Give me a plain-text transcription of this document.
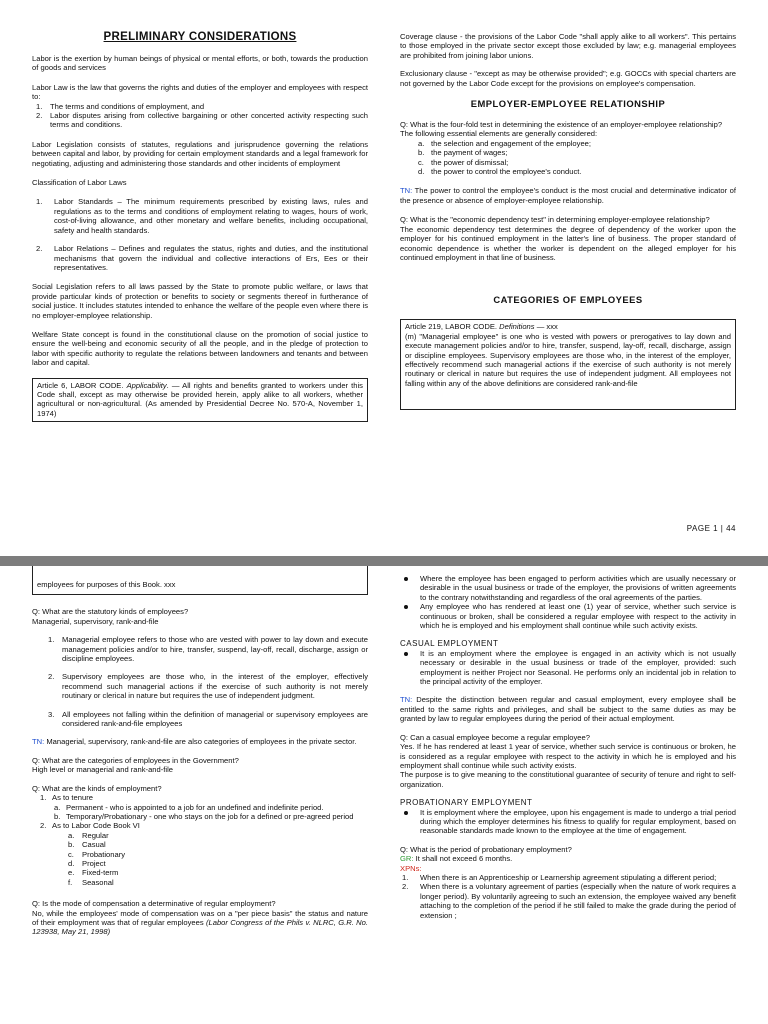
PRELIMINARY CONSIDERATIONS

Labor is the exertion by human beings of physical or mental efforts, or both, towards the production of goods and services

Labor Law is the law that governs the rights and duties of the employer and employees with respect to:

1.	The terms and conditions of employment, and
2.	Labor disputes arising from collective bargaining or other concerted activity respecting such terms and conditions.

Labor Legislation consists of statutes, regulations and jurisprudence governing the relations between capital and labor, by providing for certain employment standards and a legal framework for negotiating, adjusting and administering those standards and other incidents of employment

Classification of Labor Laws

1.	Labor Standards – The minimum requirements prescribed by existing laws, rules and regulations as to the terms and conditions of employment relating to wages, hours of work, cost-of-living allowance, and other monetary and welfare benefits, including occupational, safety and health standards.
2.	Labor Relations – Defines and regulates the status, rights and duties, and the institutional mechanisms that govern the individual and collective interactions of Ers, Ees or their representatives.

Social Legislation refers to all laws passed by the State to promote public welfare, or laws that provide particular kinds of protection or benefits to society or segments thereof in furtherance of social justice. It includes statutes intended to enhance the welfare of the people even where there is no employer-employee relationship.

Welfare State concept is found in the constitutional clause on the promotion of social justice to ensure the well-being and economic security of all the people, and in the pledge of protection to labor with specific authority to regulate the relations between landowners and tenants and between labor and capital.

Article 6, LABOR CODE. Applicability. — All rights and benefits granted to workers under this Code shall, except as may otherwise be provided herein, apply alike to all workers, whether agricultural or non-agricultural. (As amended by Presidential Decree No. 570-A, November 1, 1974)

Coverage clause - the provisions of the Labor Code "shall apply alike to all workers". This pertains to those employed in the private sector except those excluded by law; e.g. managerial employees are prohibited from joining labor unions.

Exclusionary clause - "except as may be otherwise provided"; e.g. GOCCs with special charters are not governed by the Labor Code except for the provisions on employee's compensation.

EMPLOYER-EMPLOYEE RELATIONSHIP

Q: What is the four-fold test in determining the existence of an employer-employee relationship?

The following essential elements are generally considered:

a. the selection and engagement of the employee;
b. the payment of wages;
c. the power of dismissal;
d. the power to control the employee's conduct.

TN: The power to control the employee's conduct is the most crucial and determinative indicator of the presence or absence of employer-employee relationship.

Q: What is the "economic dependency test" in determining employer-employee relationship?

The economic dependency test determines the degree of dependency of the worker upon the employer for his continued employment in the latter's line of business. The proper standard of economic dependence is whether the worker is dependent on the alleged employer for his continued employment in that line of business.

CATEGORIES OF EMPLOYEES

Article 219, LABOR CODE. Definitions — xxx
(m) "Managerial employee" is one who is vested with powers or prerogatives to lay down and execute management policies and/or to hire, transfer, suspend, lay-off, recall, discharge, assign or discipline employees. Supervisory employees are those who, in the interest of the employer, effectively recommend such managerial actions if the exercise of such authority is not merely routinary or clerical in nature but requires the use of independent judgment. All employees not falling within any of the above definitions are considered rank-and-file
PAGE 1 | 44
employees for purposes of this Book. xxx

Q: What are the statutory kinds of employees?

Managerial, supervisory, rank-and-file

1.	Managerial employee refers to those who are vested with power to lay down and execute management policies and/or to hire, transfer, suspend, lay-off, recall, discharge, assign or discipline employees.
2.	Supervisory employees are those who, in the interest of the employer, effectively recommend such managerial actions if the exercise of such authority is not merely routinary or clerical in nature but requires the use of independent judgment.
3.	All employees not falling within the definition of managerial or supervisory employees are considered rank-and-file employees

TN: Managerial, supervisory, rank-and-file are also categories of employees in the private sector.

Q: What are the categories of employees in the Government?

High level or managerial and rank-and-file

Q: What are the kinds of employment?

1. As to tenure
a. Permanent - who is appointed to a job for an undefined and indefinite period.
b. Temporary/Probationary - one who stays on the job for a defined or pre-agreed period
2. As to Labor Code Book VI
a.	Regular
b.	Casual
c.	Probationary
d.	Project
e.	Fixed-term
f.	Seasonal

Q: Is the mode of compensation a determinative of regular employment?

No, while the employees' mode of compensation was on a "per piece basis" the status and nature of their employment was that of regular employees (Labor Congress of the Phils v. NLRC, G.R. No. 123938, May 21, 1998)

Where the employee has been engaged to perform activities which are usually necessary or desirable in the usual business or trade of the employer, the provisions of written agreements to the contrary notwithstanding and regardless of the oral agreements of the parties.
Any employee who has rendered at least one (1) year of service, whether such service is continuous or broken, shall be considered a regular employee with respect to the activity in which he is employed and his employment shall continue while such activity exists.

CASUAL EMPLOYMENT

It is an employment where the employee is engaged in an activity which is not usually necessary or desirable in the usual business or trade of the employer, provided: such employment is neither Project nor Seasonal. He performs only an incidental job in relation to the principal activity of the employer.

TN: Despite the distinction between regular and casual employment, every employee shall be entitled to the same rights and privileges, and shall be subject to the same duties as may be granted by law to regular employees during the period of their actual employment.

Q: Can a casual employee become a regular employee?

Yes. If he has rendered at least 1 year of service, whether such service is continuous or broken, he is considered as a regular employee with respect to the activity in which he is employed and his employment shall continue while such activity exists.

The purpose is to give meaning to the constitutional guarantee of security of tenure and right to self-organization.

PROBATIONARY EMPLOYMENT

It is employment where the employee, upon his engagement is made to undergo a trial period during which the employer determines his fitness to qualify for regular employment, based on reasonable standards made known to the employee at the time of engagement.

Q: What is the period of probationary employment?

GR: It shall not exceed 6 months.

XPNs:

1.	When there is an Apprenticeship or Learnership agreement stipulating a different period;
2.	When there is a voluntary agreement of parties (especially when the nature of work requires a longer period). By voluntarily agreeing to such an extension, the employee waived any benefit attaching to the completion of the period if he still failed to make the grade during the period of extension ;
